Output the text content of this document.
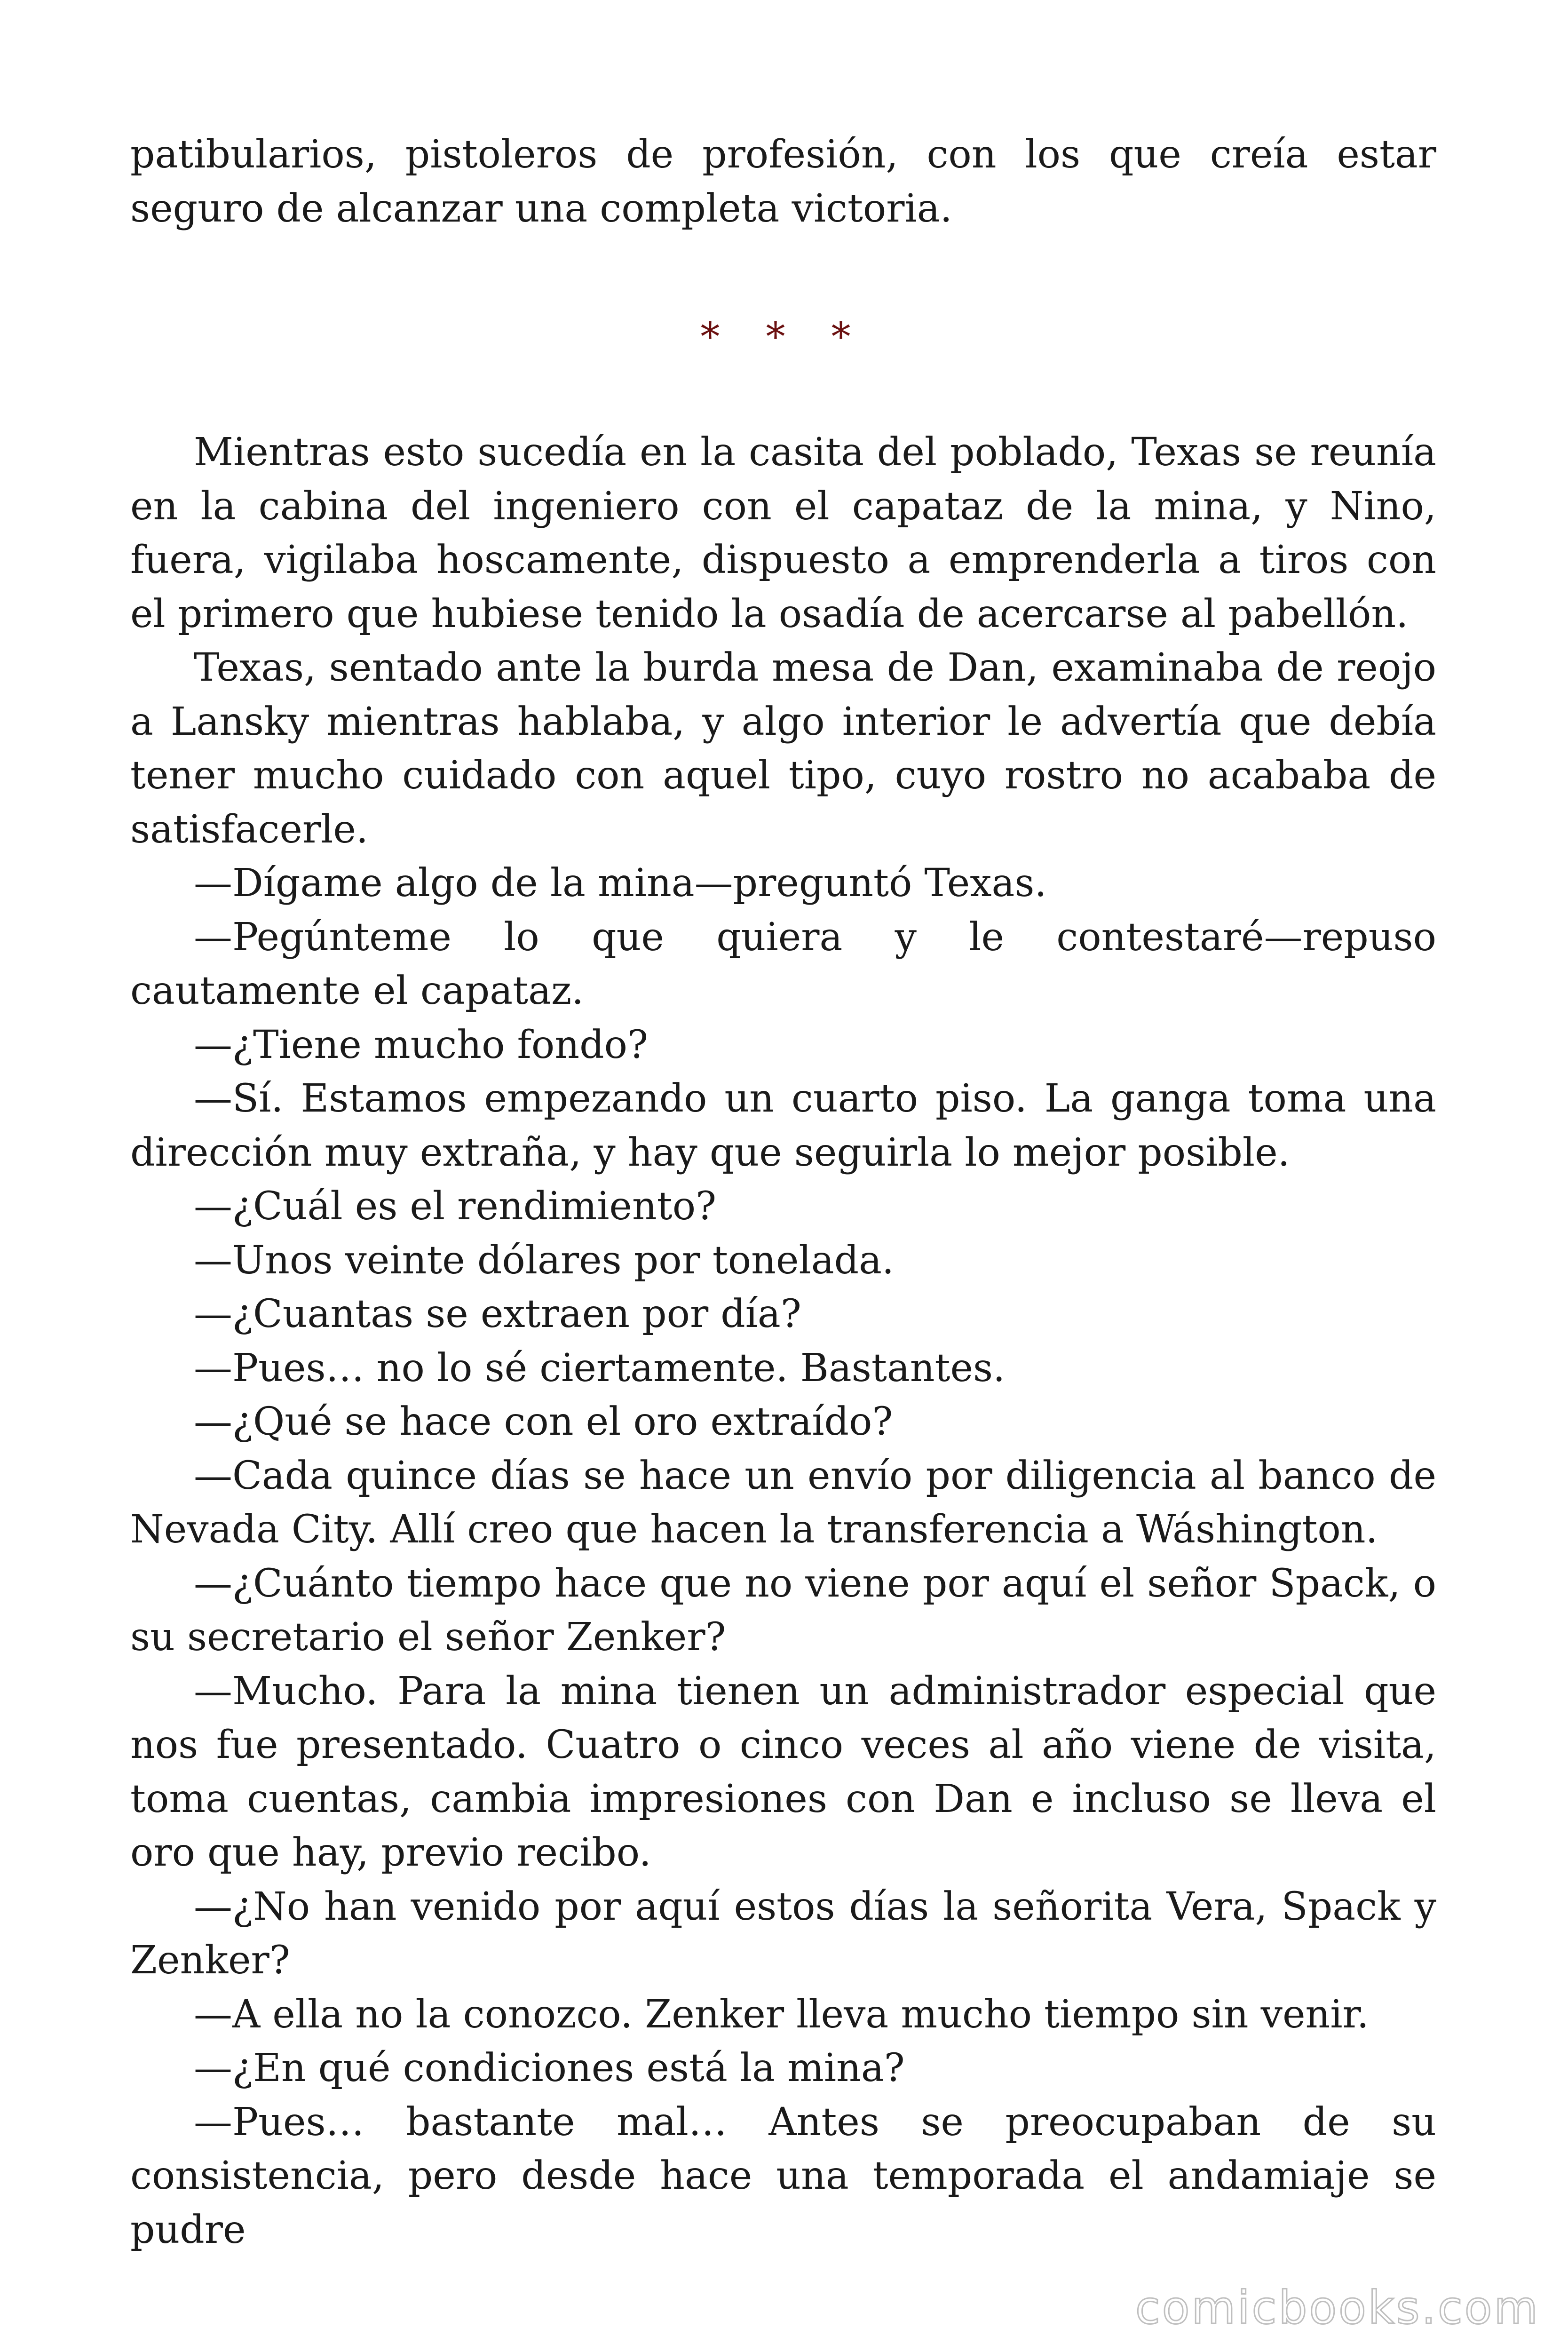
patibularios, pistoleros de profesión, con los que creía estar seguro de alcanzar una completa victoria.

* * *

Mientras esto sucedía en la casita del poblado, Texas se reunía en la cabina del ingeniero con el capataz de la mina, y Nino, fuera, vigilaba hoscamente, dispuesto a emprenderla a tiros con el primero que hubiese tenido la osadía de acercarse al pabellón.

Texas, sentado ante la burda mesa de Dan, examinaba de reojo a Lansky mientras hablaba, y algo interior le advertía que debía tener mucho cuidado con aquel tipo, cuyo rostro no acababa de satisfacerle.

—Dígame algo de la mina—preguntó Texas.

—Pegúnteme lo que quiera y le contestaré—repuso cautamente el capataz.

—¿Tiene mucho fondo?

—Sí. Estamos empezando un cuarto piso. La ganga toma una dirección muy extraña, y hay que seguirla lo mejor posible.

—¿Cuál es el rendimiento?

—Unos veinte dólares por tonelada.

—¿Cuantas se extraen por día?

—Pues… no lo sé ciertamente. Bastantes.

—¿Qué se hace con el oro extraído?

—Cada quince días se hace un envío por diligencia al banco de Nevada City. Allí creo que hacen la transferencia a Wáshington.

—¿Cuánto tiempo hace que no viene por aquí el señor Spack, o su secretario el señor Zenker?

—Mucho. Para la mina tienen un administrador especial que nos fue presentado. Cuatro o cinco veces al año viene de visita, toma cuentas, cambia impresiones con Dan e incluso se lleva el oro que hay, previo recibo.

—¿No han venido por aquí estos días la señorita Vera, Spack y Zenker?

—A ella no la conozco. Zenker lleva mucho tiempo sin venir.

—¿En qué condiciones está la mina?

—Pues… bastante mal… Antes se preocupaban de su consistencia, pero desde hace una temporada el andamiaje se pudre

comicbooks.com
